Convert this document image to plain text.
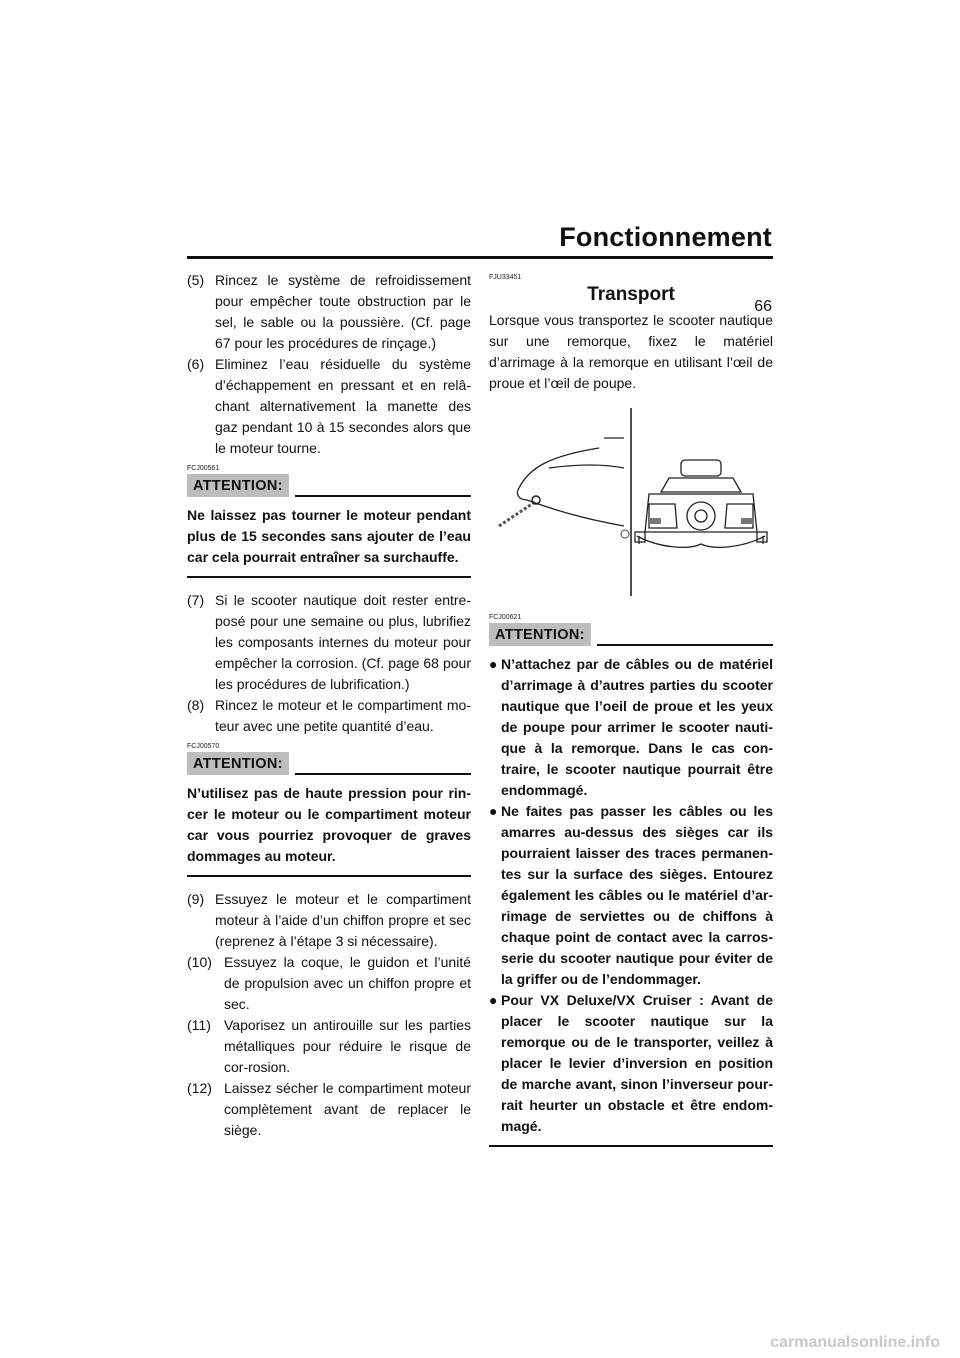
Fonctionnement
66
(5) Rincez le système de refroidissement pour empêcher toute obstruction par le sel, le sable ou la poussière. (Cf. page 67 pour les procédures de rinçage.)
(6) Eliminez l’eau résiduelle du système d’échappement en pressant et en relâ-chant alternativement la manette des gaz pendant 10 à 15 secondes alors que le moteur tourne.
FCJ00561
ATTENTION:
Ne laissez pas tourner le moteur pendant plus de 15 secondes sans ajouter de l’eau car cela pourrait entraîner sa surchauffe.
(7) Si le scooter nautique doit rester entre-posé pour une semaine ou plus, lubrifiez les composants internes du moteur pour empêcher la corrosion. (Cf. page 68 pour les procédures de lubrification.)
(8) Rincez le moteur et le compartiment mo-teur avec une petite quantité d’eau.
FCJ00570
ATTENTION:
N’utilisez pas de haute pression pour rin-cer le moteur ou le compartiment moteur car vous pourriez provoquer de graves dommages au moteur.
(9) Essuyez le moteur et le compartiment moteur à l’aide d’un chiffon propre et sec (reprenez à l’étape 3 si nécessaire).
(10) Essuyez la coque, le guidon et l’unité de propulsion avec un chiffon propre et sec.
(11) Vaporisez un antirouille sur les parties métalliques pour réduire le risque de cor-rosion.
(12) Laissez sécher le compartiment moteur complètement avant de replacer le siège.
FJU33451
Transport

Lorsque vous transportez le scooter nautique sur une remorque, fixez le matériel d’arrimage à la remorque en utilisant l’œil de proue et l’œil de poupe.

FCJ00621
ATTENTION:
● N’attachez par de câbles ou de matériel d’arrimage à d’autres parties du scooter nautique que l’oeil de proue et les yeux de poupe pour arrimer le scooter nauti-que à la remorque. Dans le cas con-traire, le scooter nautique pourrait être endommagé.
● Ne faites pas passer les câbles ou les amarres au-dessus des sièges car ils pourraient laisser des traces permanen-tes sur la surface des sièges. Entourez également les câbles ou le matériel d’ar-rimage de serviettes ou de chiffons à chaque point de contact avec la carros-serie du scooter nautique pour éviter de la griffer ou de l’endommager.
● Pour VX Deluxe/VX Cruiser : Avant de placer le scooter nautique sur la remorque ou de le transporter, veillez à placer le levier d’inversion en position de marche avant, sinon l’inverseur pour-rait heurter un obstacle et être endom-magé.
carmanualsonline.info
